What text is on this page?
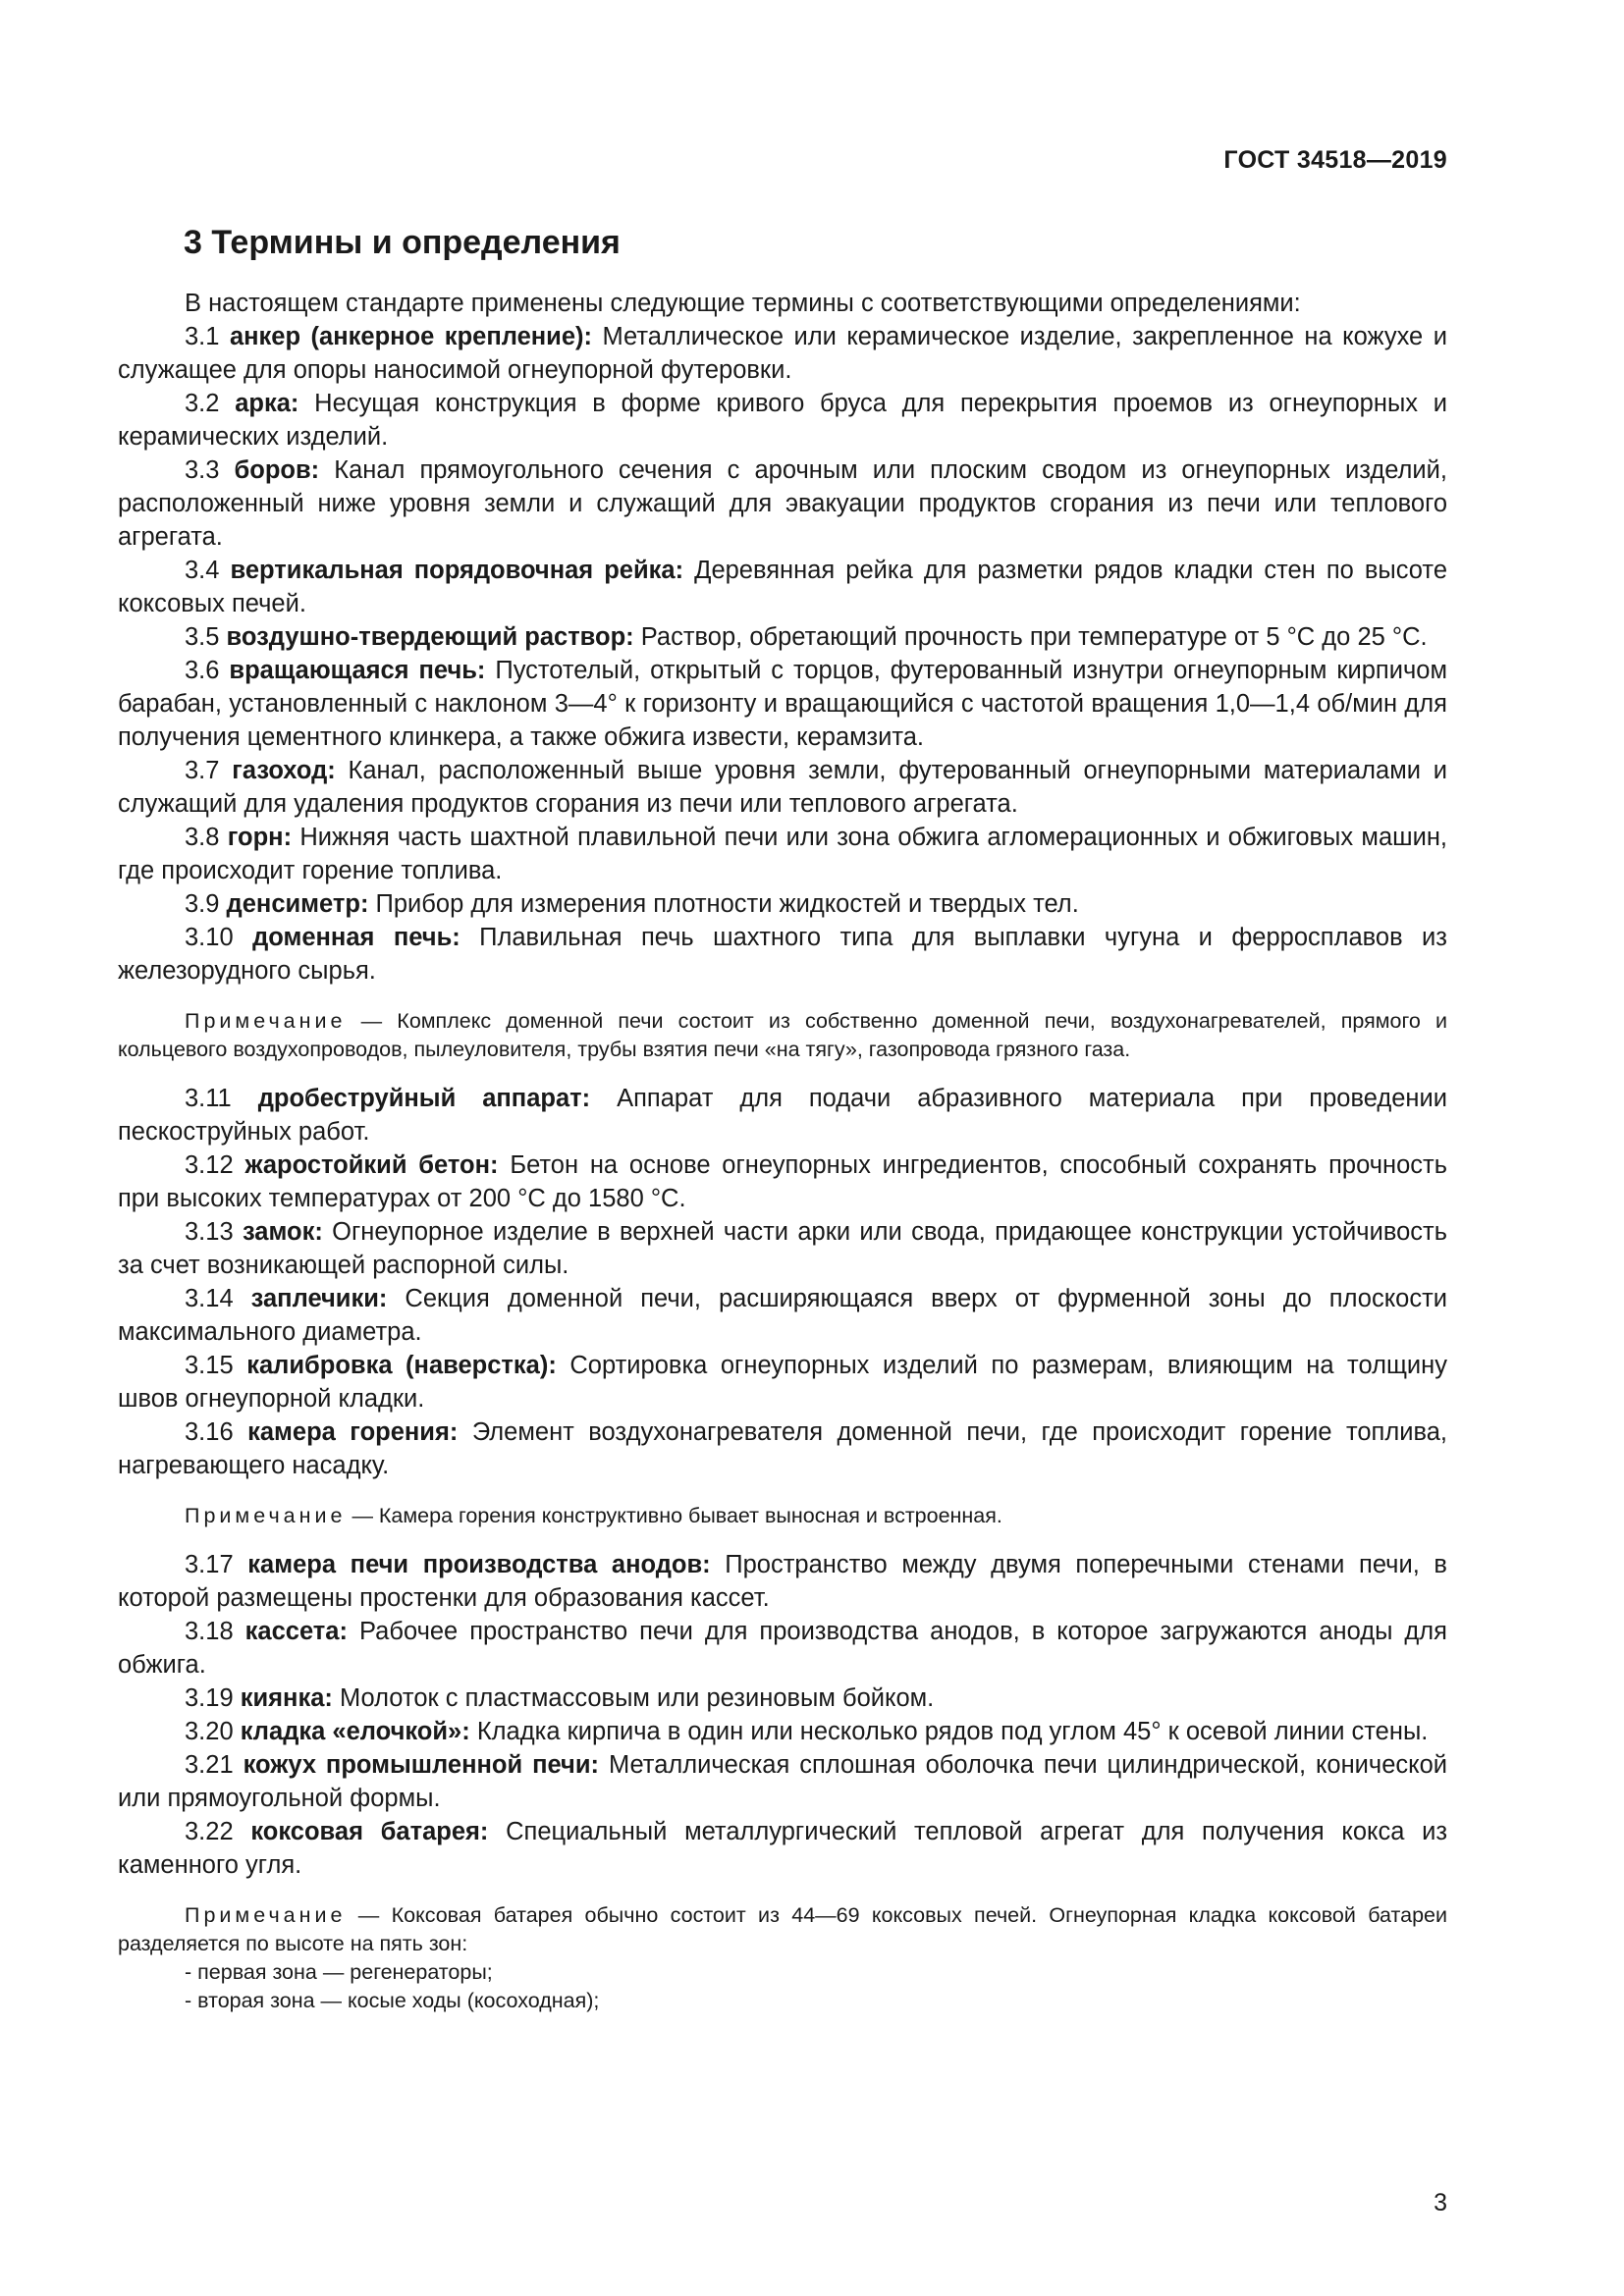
ГОСТ 34518—2019
3 Термины и определения

В настоящем стандарте применены следующие термины с соответствующими определениями:

3.1 анкер (анкерное крепление): Металлическое или керамическое изделие, закрепленное на кожухе и служащее для опоры наносимой огнеупорной футеровки.

3.2 арка: Несущая конструкция в форме кривого бруса для перекрытия проемов из огнеупорных и керамических изделий.

3.3 боров: Канал прямоугольного сечения с арочным или плоским сводом из огнеупорных изделий, расположенный ниже уровня земли и служащий для эвакуации продуктов сгорания из печи или теплового агрегата.

3.4 вертикальная порядовочная рейка: Деревянная рейка для разметки рядов кладки стен по высоте коксовых печей.

3.5 воздушно-твердеющий раствор: Раствор, обретающий прочность при температуре от 5 °С до 25 °С.

3.6 вращающаяся печь: Пустотелый, открытый с торцов, футерованный изнутри огнеупорным кирпичом барабан, установленный с наклоном 3—4° к горизонту и вращающийся с частотой вращения 1,0—1,4 об/мин для получения цементного клинкера, а также обжига извести, керамзита.

3.7 газоход: Канал, расположенный выше уровня земли, футерованный огнеупорными материалами и служащий для удаления продуктов сгорания из печи или теплового агрегата.

3.8 горн: Нижняя часть шахтной плавильной печи или зона обжига агломерационных и обжиговых машин, где происходит горение топлива.

3.9 денсиметр: Прибор для измерения плотности жидкостей и твердых тел.

3.10 доменная печь: Плавильная печь шахтного типа для выплавки чугуна и ферросплавов из железорудного сырья.

Примечание — Комплекс доменной печи состоит из собственно доменной печи, воздухонагревателей, прямого и кольцевого воздухопроводов, пылеуловителя, трубы взятия печи «на тягу», газопровода грязного газа.

3.11 дробеструйный аппарат: Аппарат для подачи абразивного материала при проведении пескоструйных работ.

3.12 жаростойкий бетон: Бетон на основе огнеупорных ингредиентов, способный сохранять прочность при высоких температурах от 200 °С до 1580 °С.

3.13 замок: Огнеупорное изделие в верхней части арки или свода, придающее конструкции устойчивость за счет возникающей распорной силы.

3.14 заплечики: Секция доменной печи, расширяющаяся вверх от фурменной зоны до плоскости максимального диаметра.

3.15 калибровка (наверстка): Сортировка огнеупорных изделий по размерам, влияющим на толщину швов огнеупорной кладки.

3.16 камера горения: Элемент воздухонагревателя доменной печи, где происходит горение топлива, нагревающего насадку.

Примечание — Камера горения конструктивно бывает выносная и встроенная.

3.17 камера печи производства анодов: Пространство между двумя поперечными стенами печи, в которой размещены простенки для образования кассет.

3.18 кассета: Рабочее пространство печи для производства анодов, в которое загружаются аноды для обжига.

3.19 киянка: Молоток с пластмассовым или резиновым бойком.

3.20 кладка «елочкой»: Кладка кирпича в один или несколько рядов под углом 45° к осевой линии стены.

3.21 кожух промышленной печи: Металлическая сплошная оболочка печи цилиндрической, конической или прямоугольной формы.

3.22 коксовая батарея: Специальный металлургический тепловой агрегат для получения кокса из каменного угля.

Примечание — Коксовая батарея обычно состоит из 44—69 коксовых печей. Огнеупорная кладка коксовой батареи разделяется по высоте на пять зон:

- первая зона — регенераторы;
- вторая зона — косые ходы (косоходная);
3
